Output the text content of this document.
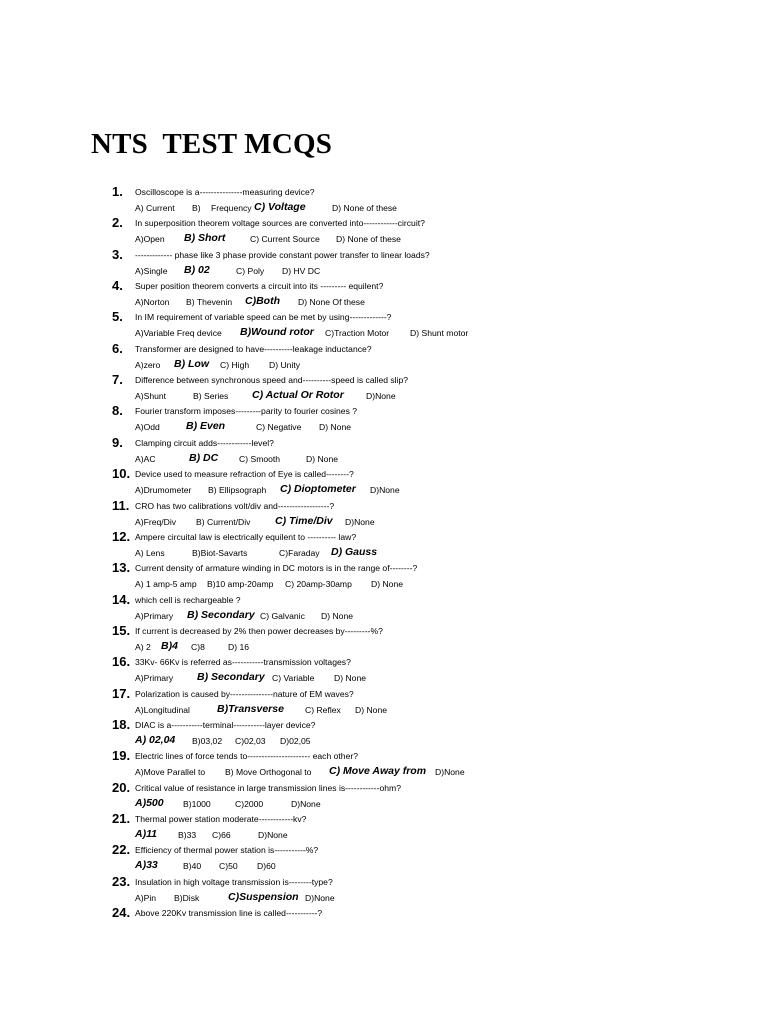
NTS  TEST MCQS
1. Oscilloscope is a---------------measuring device?
A) Current B) Frequency C) Voltage	D) None of these
2. In superposition theorem voltage sources are converted into------------circuit?
A)Open B) Short	C) Current Source D) None of these
3. ------------- phase like 3 phase provide constant power transfer to linear loads?
A)Single B) 02	C) Poly D) HV DC
4. Super position theorem converts a circuit into its --------- equilent?
A)Norton B) Thevenin C)Both D) None Of these
5. In IM requirement of variable speed can be met by using-------------?
A)Variable Freq device B)Wound rotor C)Traction Motor D) Shunt motor
6. Transformer are designed to have----------leakage inductance?
A)zero B) Low C) High D) Unity
7. Difference between synchronous speed and----------speed is called slip?
A)Shunt	B) Series C) Actual Or Rotor	D)None
8. Fourier transform imposes---------parity to fourier cosines ?
A)Odd B) Even	C) Negative D) None
9. Clamping circuit adds------------level?
A)AC	B) DC C) Smooth	D) None
10. Device used to measure refraction of Eye is called--------?
A)Drumometer B) Ellipsograph C) Dioptometer D)None
11. CRO has two calibrations volt/div and------------------?
A)Freq/Div B) Current/Div C) Time/Div D)None
12. Ampere circuital law is electrically equilent to ---------- law?
A) Lens	B)Biot-Savarts	C)Faraday D) Gauss
13. Current density of armature winding in DC motors is in the range of--------?
A) 1 amp-5 amp B)10 amp-20amp C) 20amp-30amp D) None
14. which cell is rechargeable ?
A)Primary B) Secondary C) Galvanic D) None
15. If current is decreased by 2% then power decreases by---------%?
A) 2 B)4 C)8	D) 16
16. 33Kv- 66Kv is referred as-----------transmission voltages?
A)Primary B) Secondary C) Variable D) None
17. Polarization is caused by---------------nature of EM waves?
A)Longitudinal	B)Transverse C) Reflex D) None
18. DIAC is a-----------terminal-----------layer device?
A) 02,04 B)03,02 C)02,03 D)02,05
19. Electric lines of force tends to---------------------- each other?
A)Move Parallel to B) Move Orthogonal to C) Move Away from D)None
20. Critical value of resistance in large transmission lines is------------ohm?
A)500 B)1000	C)2000	D)None
21. Thermal power station moderate------------kv?
A)11 B)33 C)66	D)None
22. Efficiency of thermal power station is-----------%?
A)33	B)40 C)50 D)60
23. Insulation in high voltage transmission is--------type?
A)Pin B)Disk	C)Suspension D)None
24. Above 220Kv transmission line is called-----------?
